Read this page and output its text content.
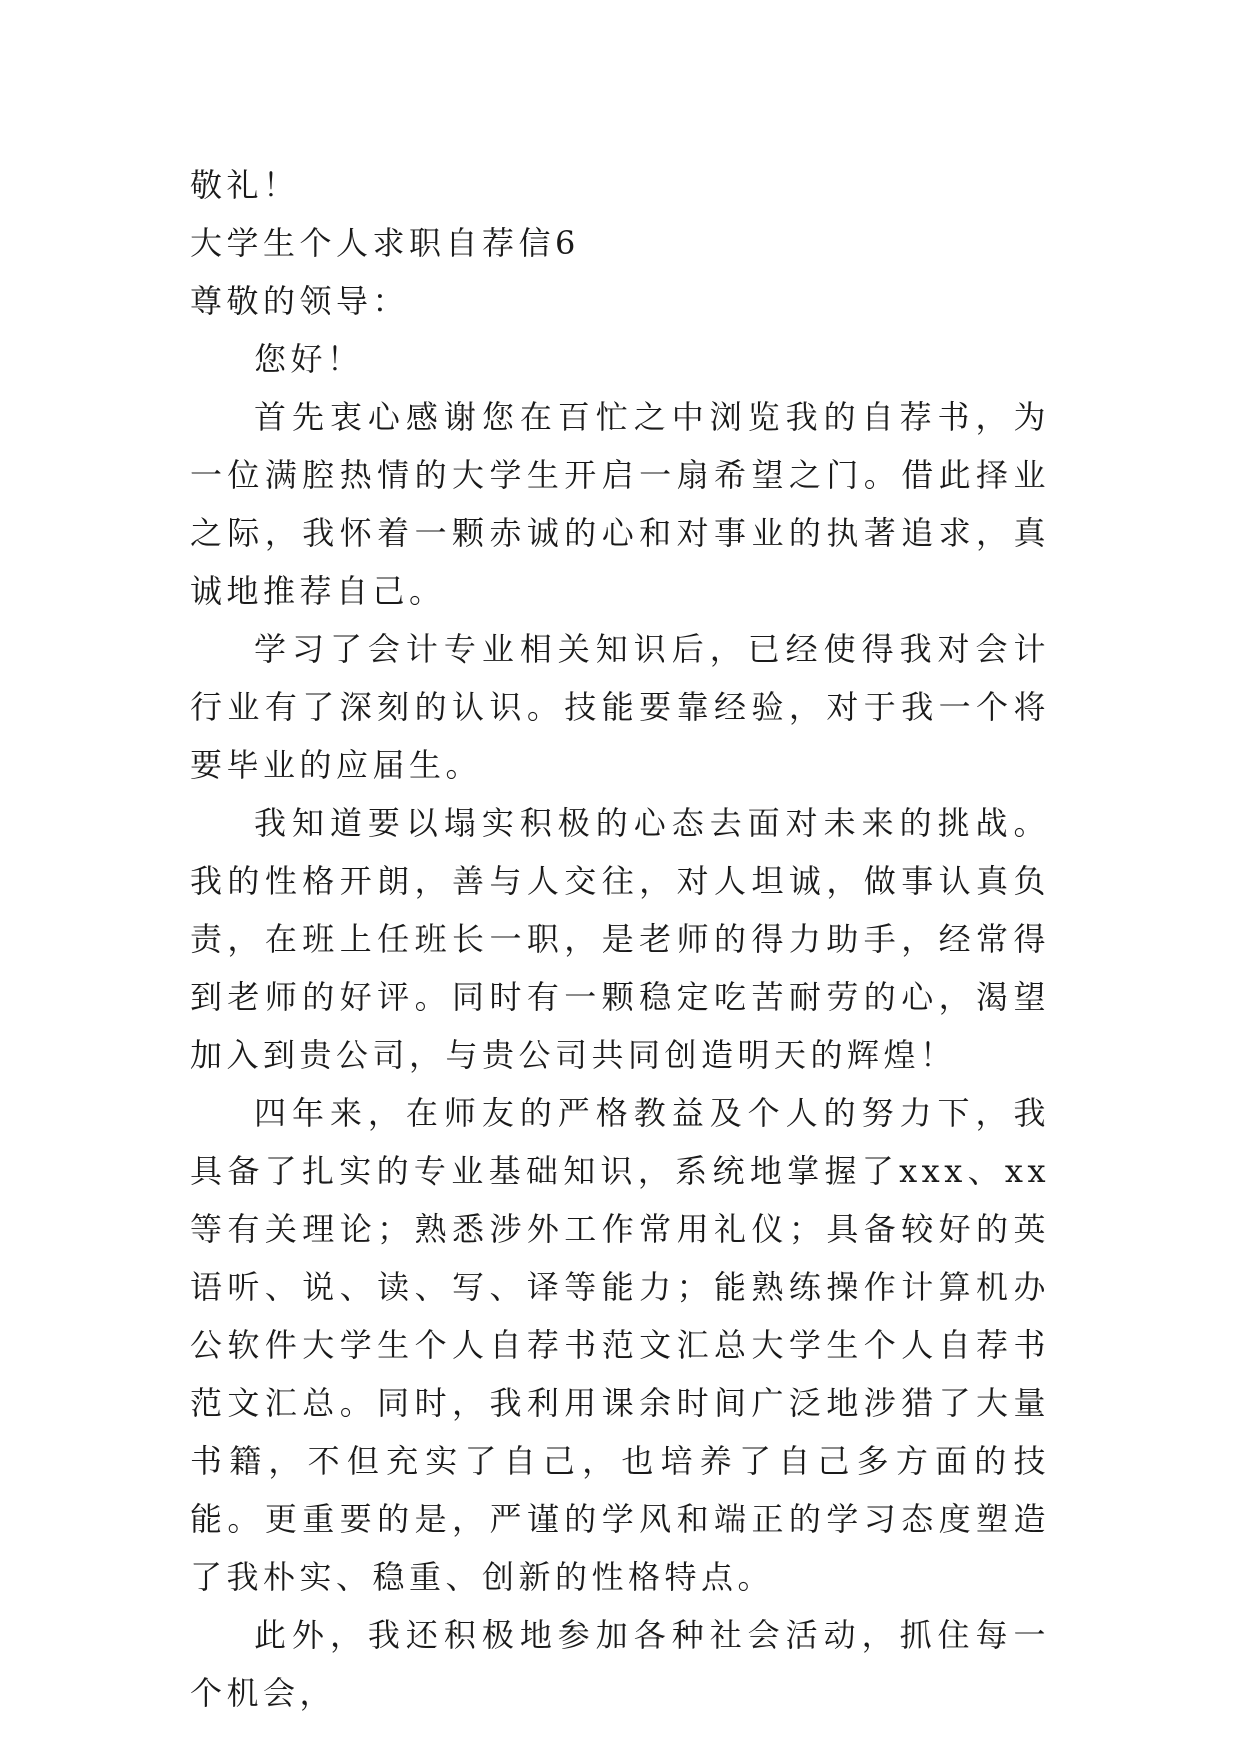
敬礼！

大学生个人求职自荐信6

尊敬的领导：

您好！

首先衷心感谢您在百忙之中浏览我的自荐书，为一位满腔热情的大学生开启一扇希望之门。借此择业之际，我怀着一颗赤诚的心和对事业的执著追求，真诚地推荐自己。

学习了会计专业相关知识后，已经使得我对会计行业有了深刻的认识。技能要靠经验，对于我一个将要毕业的应届生。

我知道要以塌实积极的心态去面对未来的挑战。我的性格开朗，善与人交往，对人坦诚，做事认真负责，在班上任班长一职，是老师的得力助手，经常得到老师的好评。同时有一颗稳定吃苦耐劳的心，渴望加入到贵公司，与贵公司共同创造明天的辉煌！

四年来，在师友的严格教益及个人的努力下，我具备了扎实的专业基础知识，系统地掌握了xxx、xx等有关理论；熟悉涉外工作常用礼仪；具备较好的英语听、说、读、写、译等能力；能熟练操作计算机办公软件大学生个人自荐书范文汇总大学生个人自荐书范文汇总。同时，我利用课余时间广泛地涉猎了大量书籍，不但充实了自己，也培养了自己多方面的技能。更重要的是，严谨的学风和端正的学习态度塑造了我朴实、稳重、创新的性格特点。

此外，我还积极地参加各种社会活动，抓住每一个机会，
